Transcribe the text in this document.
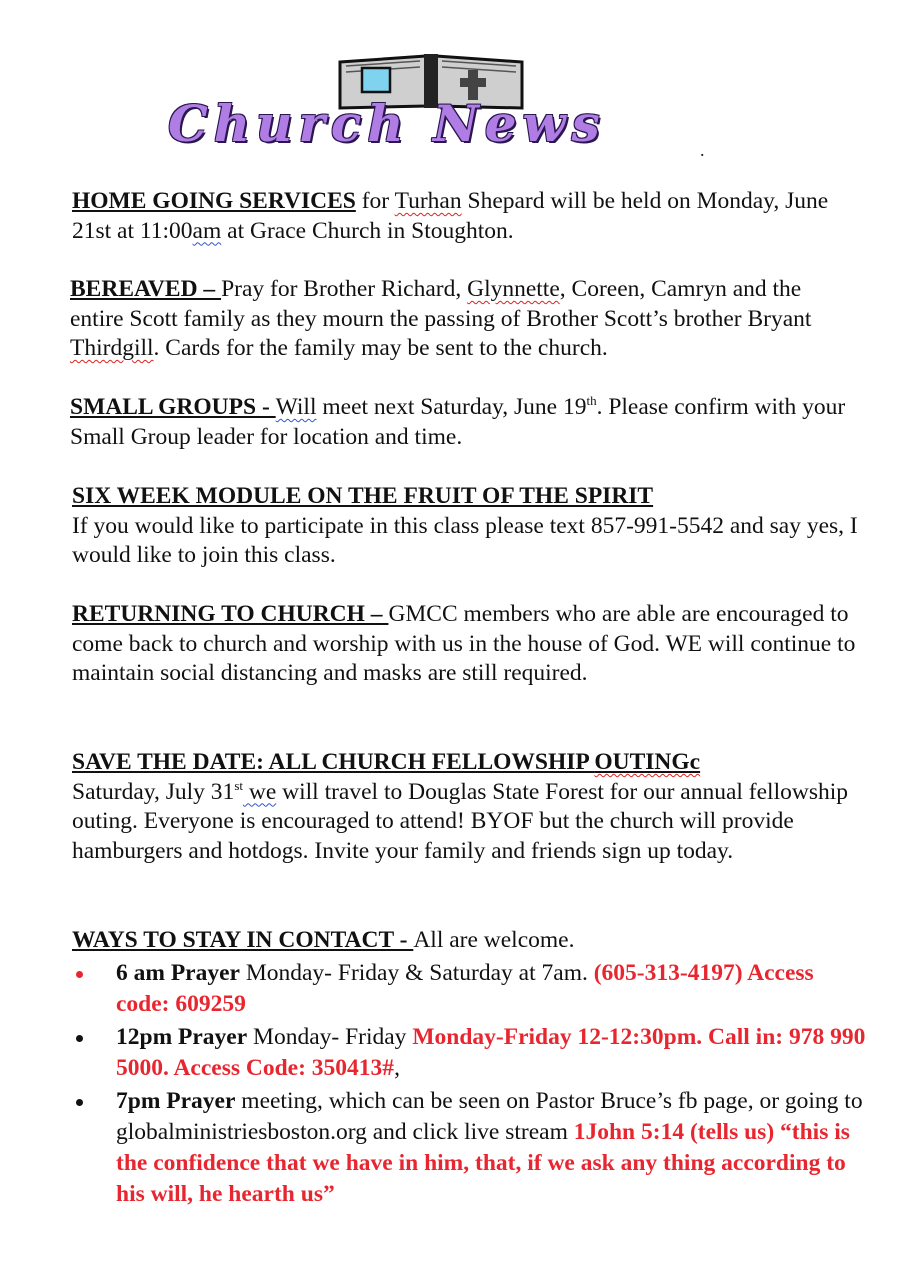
Church News	.
HOME GOING SERVICES for Turhan Shepard will be held on Monday, June 21st at 11:00am at Grace Church in Stoughton.
BEREAVED – Pray for Brother Richard, Glynnette, Coreen, Camryn and the entire Scott family as they mourn the passing of Brother Scott’s brother Bryant Thirdgill. Cards for the family may be sent to the church.
SMALL GROUPS - Will meet next Saturday, June 19th. Please confirm with your Small Group leader for location and time.
SIX WEEK MODULE ON THE FRUIT OF THE SPIRIT
If you would like to participate in this class please text 857-991-5542 and say yes, I would like to join this class.
RETURNING TO CHURCH – GMCC members who are able are encouraged to come back to church and worship with us in the house of God. WE will continue to maintain social distancing and masks are still required.
SAVE THE DATE: ALL CHURCH FELLOWSHIP OUTINGc
Saturday, July 31st we will travel to Douglas State Forest for our annual fellowship outing. Everyone is encouraged to attend! BYOF but the church will provide hamburgers and hotdogs. Invite your family and friends sign up today.
WAYS TO STAY IN CONTACT - All are welcome.
6 am Prayer Monday- Friday & Saturday at 7am. (605-313-4197) Access code: 609259
12pm Prayer Monday- Friday Monday-Friday 12-12:30pm. Call in: 978 990 5000. Access Code: 350413#,
7pm Prayer meeting, which can be seen on Pastor Bruce’s fb page, or going to globalministriesboston.org and click live stream 1John 5:14 (tells us) “this is the confidence that we have in him, that, if we ask any thing according to his will, he hearth us”
